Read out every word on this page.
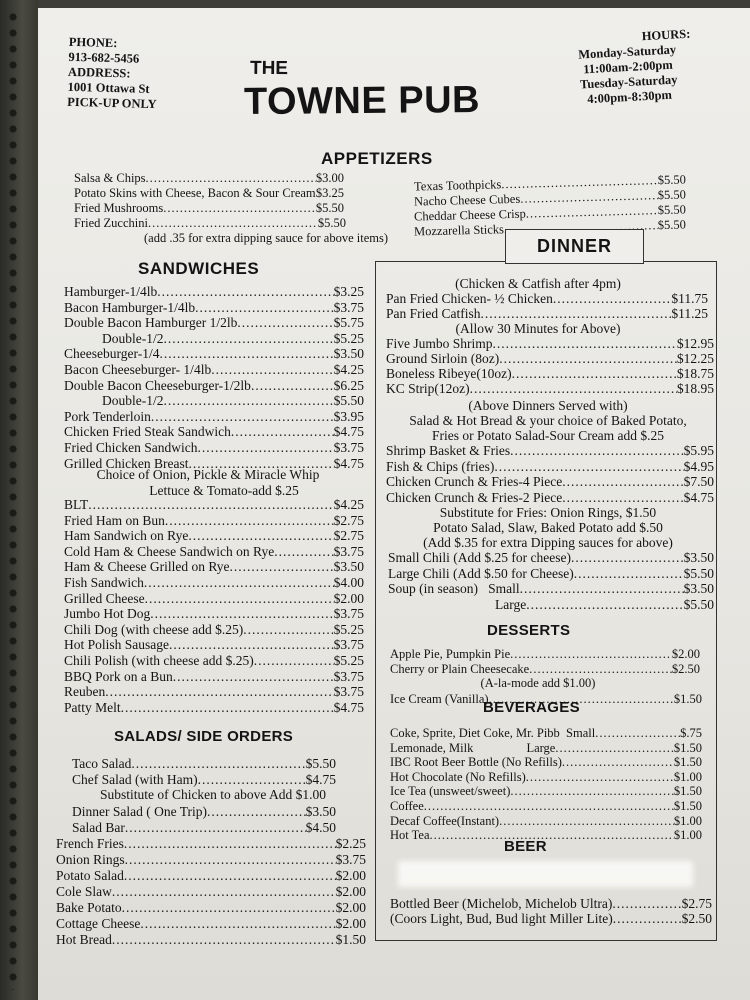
PHONE:
913-682-5456
ADDRESS:
1001 Ottawa St
PICK-UP ONLY
THE
TOWNE PUB
HOURS:
Monday-Saturday
11:00am-2:00pm
Tuesday-Saturday
4:00pm-8:30pm
APPETIZERS
Salsa & Chips .....	$3.00
Potato Skins with Cheese, Bacon & Sour Cream ..... $3.25
Fried Mushrooms .....	$5.50
Fried Zucchini .....	$5.50
(add .35 for extra dipping sauce for above items)
Texas Toothpicks .....	$5.50
Nacho Cheese Cubes .....	$5.50
Cheddar Cheese Crisp .....	$5.50
Mozzarella Sticks .....	$5.50
SANDWICHES
Hamburger-1/4lb .....	$3.25
Bacon Hamburger-1/4lb .....	$3.75
Double Bacon Hamburger 1/2lb .....	$5.75
Double-1/2 .....	$5.25
Cheeseburger-1/4 .....	$3.50
Bacon Cheeseburger- 1/4lb .....	$4.25
Double Bacon Cheeseburger-1/2lb .....	$6.25
Double-1/2 .....	$5.50
Pork Tenderloin .....	$3.95
Chicken Fried Steak Sandwich .....	$4.75
Fried Chicken Sandwich .....	$3.75
Grilled Chicken Breast .....	$4.75
Choice of Onion, Pickle & Miracle Whip
Lettuce & Tomato-add $.25
BLT .....	$4.25
Fried Ham on Bun .....	$2.75
Ham Sandwich on Rye .....	$2.75
Cold Ham & Cheese Sandwich on Rye .....	$3.75
Ham & Cheese Grilled on Rye .....	$3.50
Fish Sandwich .....	$4.00
Grilled Cheese .....	$2.00
Jumbo Hot Dog .....	$3.75
Chili Dog (with cheese add $.25) .....	$5.25
Hot Polish Sausage .....	$3.75
Chili Polish (with cheese add $.25) .....	$5.25
BBQ Pork on a Bun .....	$3.75
Reuben .....	$3.75
Patty Melt .....	$4.75
SALADS/ SIDE ORDERS
Taco Salad .....	$5.50
Chef Salad (with Ham) .....	$4.75
Substitute of Chicken to above Add $1.00
Dinner Salad ( One Trip) .....	$3.50
Salad Bar .....	$4.50
French Fries .....	$2.25
Onion Rings .....	$3.75
Potato Salad .....	$2.00
Cole Slaw .....	$2.00
Bake Potato .....	$2.00
Cottage Cheese .....	$2.00
Hot Bread .....	$1.50
DINNER
(Chicken & Catfish after 4pm)
Pan Fried Chicken- ½ Chicken .....	$11.75
Pan Fried Catfish .....	$11.25
(Allow 30 Minutes for Above)
Five Jumbo Shrimp .....	$12.95
Ground Sirloin (8oz) .....	$12.25
Boneless Ribeye(10oz) .....	$18.75
KC Strip(12oz) .....	$18.95
(Above Dinners Served with)
Salad & Hot Bread & your choice of Baked Potato,
Fries or Potato Salad-Sour Cream add $.25
Shrimp Basket & Fries .....	$5.95
Fish & Chips (fries) .....	$4.95
Chicken Crunch & Fries-4 Piece .....	$7.50
Chicken Crunch & Fries-2 Piece .....	$4.75
Substitute for Fries: Onion Rings, $1.50
Potato Salad, Slaw, Baked Potato add $.50
(Add $.35 for extra Dipping sauces for above)
Small Chili (Add $.25 for cheese) .....	$3.50
Large Chili (Add $.50 for Cheese) .....	$5.50
Soup (in season)   Small .....	$3.50
Large .....	$5.50
DESSERTS
Apple Pie, Pumpkin Pie .....	$2.00
Cherry or Plain Cheesecake .....	$2.50
(A-la-mode add $1.00)
Ice Cream (Vanilla) .....	$1.50
BEVERAGES
Coke, Sprite, Diet Coke, Mr. Pibb  Small .....	$.75
Lemonade, Milk                 Large .....	$1.50
IBC Root Beer Bottle (No Refills) .....	$1.50
Hot Chocolate (No Refills) .....	$1.00
Ice Tea (unsweet/sweet) .....	$1.50
Coffee .....	$1.50
Decaf Coffee(Instant) .....	$1.00
Hot Tea .....	$1.00
BEER
Bottled Beer (Michelob, Michelob Ultra) .....	$2.75
(Coors Light, Bud, Bud light Miller Lite) .....	$2.50
